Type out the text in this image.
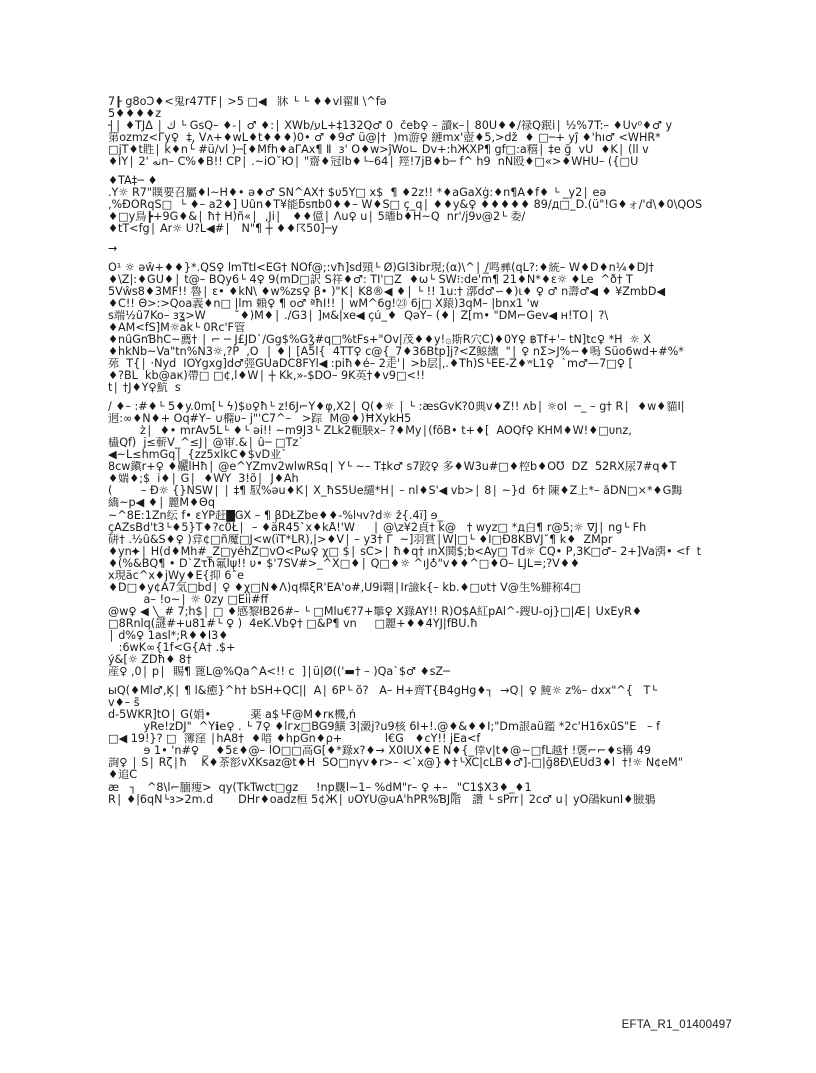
7┠ g8oƆ♦<鬼r47TF│ >5 □◀   牀 └ └ ♦♦vl翟Ⅱ \^fə
5♦♦♦♦z
┤│ ♦TJΔ │ ك └ GsQ– ♦-│ ♂ ♦:│ XWb∕עL+‡132Q♂ 0  čeƀ♀ – 讀ĸ–│ 80U♦♦/禄Q鈱i│ ½%7T:– ♦Uv⁰♦♂ y
第ozmz<Γy♀  ‡,̩ Vʌ+♦wL♦t♦♦♦)0• ♂ ♦9♂ ü@|†  )m游♀ 縺mx'壺♦5,>dž  ♦ □─+ yĵ ♦'hı♂ <WHR*
□jŤ♦t貹│ k♦n└ #ü/vl )─[♦Mfh♦aΓAx¶ Ⅱ  з' Ô♦w>ĵWo∟ Dv+:hЖXP¶ gf□:a糦│ ‡е ğ  vU  ♦K│ (ll v
♦ΙΥ│ 2' نهn– C%♦B!! CР│ .~iO˘Ю│ "齋♦冠lb♦└–64│ 羥!7jB♦b─ f^ h9  nN殴♦□«>♦WHU– ({□U
♦TA‡─ ♦
.Y☼ R7"瞨要召屬♦Î~H♦• ə♦♂ SN^AX† $υ5Y□ x$  ¶ ♦2z!! *♦aGaXġ:♦n¶A♦f♦ └ _y2│ eə
,%ÐORqS□  └ ♦– a2♦] Üûn♦T¥能ƃsπb0♦♦– W♦S□ ç_q│ ♦♦y&♀ ♦♦♦♦♦ 89/д□_D.(ü"!G♦ォ/'d\♦0\QOS
♦□y鳥┣+9G♦&│ ħ† H)ñ«│  ,Ji│   ♦♦億│ Ʌu♀ u│ 5皤b♦H~Q  nr'/j9ν@2└ 委/
♦tT<fg│ Ar☼ U?L◀#│   N"¶ ┼ ♦♦☈50]─y
→
O¹ ☼ əŵ+♦♦}*.QS♀ lmTtⅠ<EG† NÔf@;:vħ]ѕd頸└ Ø)Gl3ibr現;(α)\^│ /̲鸣彞(qL?:♦統– W♦D♦n¼♦DJ†
♦\Z|:♦GÜ♦│ t@– BQy6└ 4♀ 9(mD□訳 S祥♦♂: TÎ'□Z  ♦ω└ SW⁝:de'm¶ 21♦N*♦ε☼ ♦Le  ^ð† T
5Vŵs8♦3MF!! 魯│ ɛ• ♦kN\ ♦w%zs♀ β• )"K│ K8®◀ ♦│ └ !! 1u:† 漷d♂∽♦)ι♦ ♀ ♂ n壽♂◀ ♦ ¥ZmbD◀
♦C!! Θ>:>Qoa義♦n□ |lm 賴♀ ¶ o♂ ªħⅠ!! │ wM^6g!㉓ 6j□ X鎱)3qM– |bnx1 'w
s端½û7Ko– зʓ>W        ˚♦)M♦│ ./G3│ ]м&|xe◀ çú_♦  QəŸ– (♦│ Z[m• "DM⌐Gev◀ н!TÔ│ ?\
♦AM<fS]M☼ak└ 0Rc'F管
♦nûGnƁhC~薦† │ ⌐ ─ J£JD`/Gg$%Gǯ#q□%tFs+"Ôv|茂♦♦y!۞斯R穴C)♦0Ÿ♀ ฿Tf+'– tN]tc♀ *H  ☼ X
♦hk̉Nb~Va"tn%N3☼,?P  ,Ö  │ ♦│ [A5l{  4TT♀ c@{_7♦36Btp]j?<Z鯨纁  "│ ♀ nΣ>J%~♦嗚 Süo6wd+#%*
茒  T{│ ·Nyd  İOYgxg]d♂弳GUaDC8FYl◀ :piħ♦é– 2走'│ >b层|,.♦Th)S└ÉE-Z♦ʷL1♀  `m♂—7□♀ [
♦?BL  kb@aк)帶□ □¢,l♦W│ ┼ K̄k,»-$DÖ– 9K英†♦v9□<!!
t│ †J♦Y♀魧  s
/ ♦– :#♦└ 5♦y.0m[└ ϟ)$ʋ♀ħ└ z!6J⌐Y♦φ,X2│ Q(♦☼ │ └ :æsGvK?0典v♦Ž!! ʌb│ ☼oI  ─_ – g† R│  ♦w♦貓Ι|
迥:∞♦N♦+ Oq#Y– ∪橢υ– j"'C7^–   >踪  M@♦)ĦXykH5
z̀│  ♦• mrAv5L└ ♦└ əi!! ~m9J3└ ZLk2軛駚x– ?♦My│(fõB• t+♦[  AOQf♀ KHM♦W!♦□υnz,
橻Qf)  j≤蕲V_^≤J│ @审.&│ û─ □Tz`
◀~L≤hmGq│_{zz5xlkC♦$vD业`
8cw鎭r+♀ ♦齇lHħ│ @e^YZmv2wlwRSq│ Y└ ~– T‡k♂ s7跤♀ 多♦W3u#□♦椌b♦ÓƱ  DŽ  52RX尿7#q♦T
♦媏♦;$  i♦│ G│  ♦WY  3!õ│  J♦Ah
(        – Ð☼ {}NSW│ │ ‡¶ 馭%əu♦K│ X_ħS5Ue繾*H│ – nl♦S'◀ vb>│ 8│ ~}d  б† 陳♦Z上*– åDN□×*♦G黣
繑~p◀ ♦│ 麗M♦Θq
~^8E:1Zn纭 f• εYP赶█GX – ¶ βDŁZbe♦♦-%lчv?d☼ ž{.4ï] ɘ_
çÄZsBd't3└♦5}T♦?c0Ł│  – ♦äR45`x♦kÅ!'Ŵ     │ @\z¥2貞† k@   † wyz□ *д白¶ r@5;☼ ∇J│ ng└ Fh
硑† .½û&S♦♀ )弇¢□ñ魔□J<w(ïT*LR),|>♦V│ – y3† Γ  ~]羽賞│W|□└ ♦Î□Ð8KBVJ˚¶ k♦  ZMpr
♦yn⯌│ H(d♦Mh#_Z□yéhZ□vO<Pω♀ χ□ $│ sC>│ ħ♦q† ınX鬨$;b<Äy□ Td☼ CQ• P,3K□♂– 2+]Va渳• <f  t
♦(%&BQ¶ • D`Zτħ氟lψ!! υ• $'7SV#>_^X□♦│ Q□♦☼ ^ıJ♁"v♦♦^□♦O– LJL=;?V♦♦
x現äc^x♦jWy♦E{抑 6ˆe
♦D□♦y¢A7気□bd│ ♀ ♦χ□N♦Λ)q橰ξR'EA'o#,U9i翺│Ιr譣k{– kb.♦□υt† V@生%鯡称4□
a– !o~│ ☼ 0zy □Eii#ff
@w♀ ◀ ╲_# 7;h$│ □ ♦感黎łB26#– └ □Mlu€?7+鬡♀ X錄ÄY!! R)O$A紅pAl^-鎪U-oj}□|Æ│ UxEyR♦
□8Ŕnlq(謎#+u81#└ ♀ )  4eK.Vb♀† □&P¶ vn     □麗+♦♦4YJ|fBU.ħ
│ d%♀ 1asl*;R♦♦Î3♦
:6wK∞{1f<G{A† .$+
ý&[☼ ZDħ♦ 8†
産♀ ,0│ p│  賜¶ 篦L@%Qa^A<!! c  ]│ü|Ø(('▬† – )Qa`$♂ ♦sZ─
ыQ(♦Ml♂,Ķ│ ¶ l&癒}^h† bSH+QC||  Ä│ 6P└ õ?   Ä– H+齊Т{B4gHg♦┐  →Q│ ♀ 魨☼ z%– dxx"^{   T└
v♦– s̃
d-5WKR]tO│ G(娟•           薬 a$└F@M♦rκ機,ń
yRe!zDJ"  ^Yℹe♀ . └ 7♀ ♦lгϰ□BG9鱑 3|濲j?u9核 6I+!.@♦&♦♦Î;"Dm詪aü鑑 *2c'H16xûS"E   – f
□◀ 19!}? □  簿窪 │hA8†  ♦喑 ♦hpGn♦ρ+            l€G   ♦cY!! jEa<f
ɘ 1• 'n#♀ _  ♦5ε♦@– lÖ□□高G[♦*錄x?♦→ X0ĨUX♦Ê N♦{_倖v|t♦@~□fL越† !褒⌐⌐♦s稱 49
詢♀ │ S│ Rζ│ħ    K♦茶彮vXKsaz@t♦H  SO□nγv♦r>– <`x@}♦†╰XC|cLB♦♂]-□|ğ8Ð\EUd3♦l  †!☼ N¢eM"
♦追C
æ   ┐   ^8\l⌐腼痩>  qy(TkTwct□gz     !np麙l~1– %dM"r– ♀ +– _"C̃1$X3♦_♦1
R│ ♦|6qN└з>2m.d       DHr♦oadz桓 5¢Ж│ υÔYÛ@uA'hPR%ƁJ階   讚 └ sPrr│ 2c♂ u│ yO鵮kunİ♦臉鵢
EFTA_R1_01400497
